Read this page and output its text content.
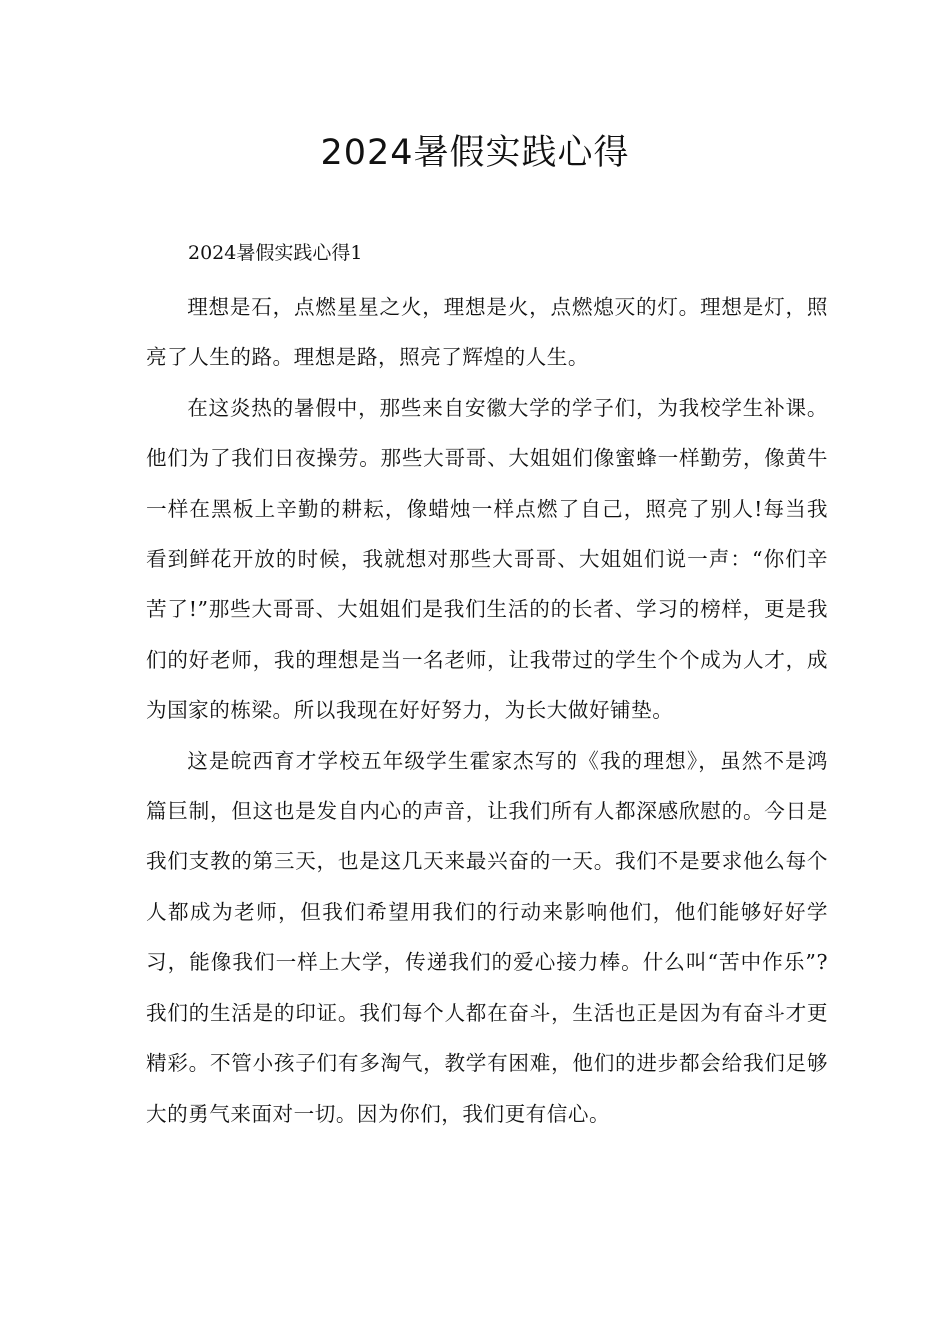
2024暑假实践心得

2024暑假实践心得1

理想是石，点燃星星之火，理想是火，点燃熄灭的灯。理想是灯，照亮了人生的路。理想是路，照亮了辉煌的人生。

在这炎热的暑假中，那些来自安徽大学的学子们，为我校学生补课。他们为了我们日夜操劳。那些大哥哥、大姐姐们像蜜蜂一样勤劳，像黄牛一样在黑板上辛勤的耕耘，像蜡烛一样点燃了自己，照亮了别人!每当我看到鲜花开放的时候，我就想对那些大哥哥、大姐姐们说一声：“你们辛苦了!”那些大哥哥、大姐姐们是我们生活的的长者、学习的榜样，更是我们的好老师，我的理想是当一名老师，让我带过的学生个个成为人才，成为国家的栋梁。所以我现在好好努力，为长大做好铺垫。

这是皖西育才学校五年级学生霍家杰写的《我的理想》，虽然不是鸿篇巨制，但这也是发自内心的声音，让我们所有人都深感欣慰的。今日是我们支教的第三天，也是这几天来最兴奋的一天。我们不是要求他么每个人都成为老师，但我们希望用我们的行动来影响他们，他们能够好好学习，能像我们一样上大学，传递我们的爱心接力棒。什么叫“苦中作乐”?我们的生活是的印证。我们每个人都在奋斗，生活也正是因为有奋斗才更精彩。不管小孩子们有多淘气，教学有困难，他们的进步都会给我们足够大的勇气来面对一切。因为你们，我们更有信心。
